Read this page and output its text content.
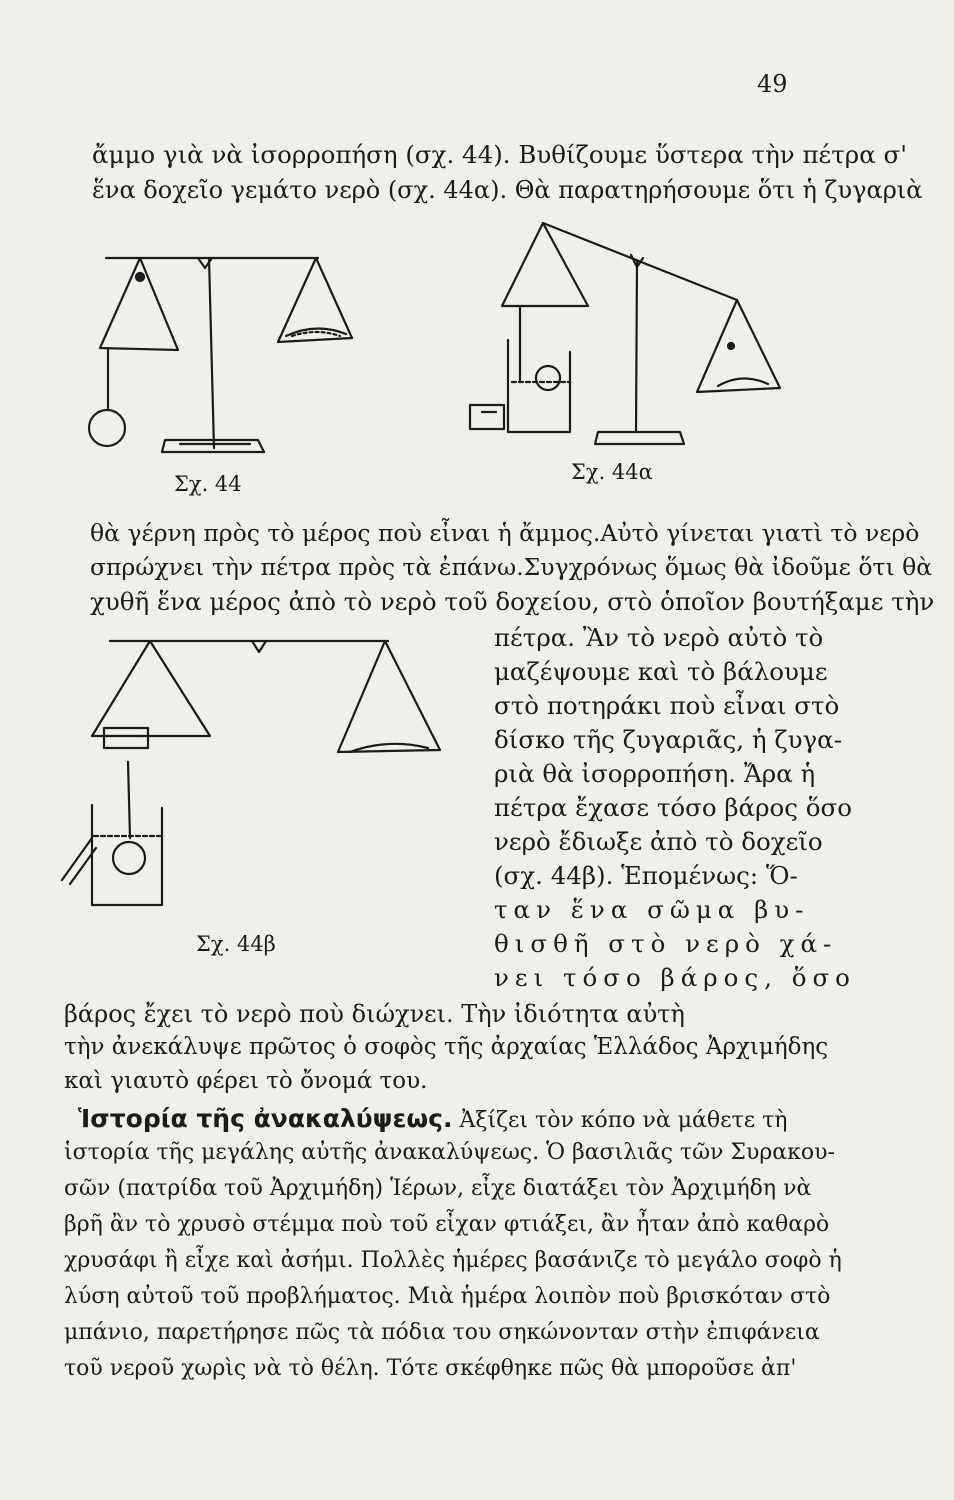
49
ἄμμο γιὰ νὰ ἰσορροπήση (σχ. 44). Βυθίζουμε ὕστερα τὴν πέτρα σ'
ἕνα δοχεῖο γεμάτο νερὸ (σχ. 44α). Θὰ παρατηρήσουμε ὅτι ἡ ζυγαριὰ
Σχ. 44	Σχ. 44α
Σχ. 44β
θὰ γέρνη πρὸς τὸ μέρος ποὺ εἶναι ἡ ἄμμος.Αὐτὸ γίνεται γιατὶ τὸ νερὸ
σπρώχνει τὴν πέτρα πρὸς τὰ ἐπάνω.Συγχρόνως ὅμως θὰ ἰδοῦμε ὅτι θὰ
χυθῆ ἕνα μέρος ἀπὸ τὸ νερὸ τοῦ δοχείου, στὸ ὁποῖον βουτήξαμε τὴν
πέτρα. Ἂν τὸ νερὸ αὐτὸ τὸ
μαζέψουμε καὶ τὸ βάλουμε
στὸ ποτηράκι ποὺ εἶναι στὸ
δίσκο τῆς ζυγαριᾶς, ἡ ζυγα-
ριὰ θὰ ἰσορροπήση. Ἄρα ἡ
πέτρα ἔχασε τόσο βάρος ὅσο
νερὸ ἔδιωξε ἀπὸ τὸ δοχεῖο
(σχ. 44β). Ἑπομένως: Ὅ-
ταν ἕνα σῶμα βυ-
θισθῆ στὸ νερὸ χά-
νει τόσο βάρος, ὅσο
βάρος ἔχει τὸ νερὸ ποὺ διώχνει. Τὴν ἰδιότητα αὐτὴ
τὴν ἀνεκάλυψε πρῶτος ὁ σοφὸς τῆς ἀρχαίας Ἑλλάδος Ἀρχιμήδης
καὶ γιαυτὸ φέρει τὸ ὄνομά του.
Ἱστορία τῆς ἀνακαλύψεως. Ἀξίζει τὸν κόπο νὰ μάθετε τὴ
ἱστορία τῆς μεγάλης αὐτῆς ἀνακαλύψεως. Ὁ βασιλιᾶς τῶν Συρακου-
σῶν (πατρίδα τοῦ Ἀρχιμήδη) Ἱέρων, εἶχε διατάξει τὸν Ἀρχιμήδη νὰ
βρῆ ἂν τὸ χρυσὸ στέμμα ποὺ τοῦ εἶχαν φτιάξει, ἂν ἦταν ἀπὸ καθαρὸ
χρυσάφι ἢ εἶχε καὶ ἀσήμι. Πολλὲς ἡμέρες βασάνιζε τὸ μεγάλο σοφὸ ἡ
λύση αὐτοῦ τοῦ προβλήματος. Μιὰ ἡμέρα λοιπὸν ποὺ βρισκόταν στὸ
μπάνιο, παρετήρησε πῶς τὰ πόδια του σηκώνονταν στὴν ἐπιφάνεια
τοῦ νεροῦ χωρὶς νὰ τὸ θέλη. Τότε σκέφθηκε πῶς θὰ μποροῦσε ἀπ'
